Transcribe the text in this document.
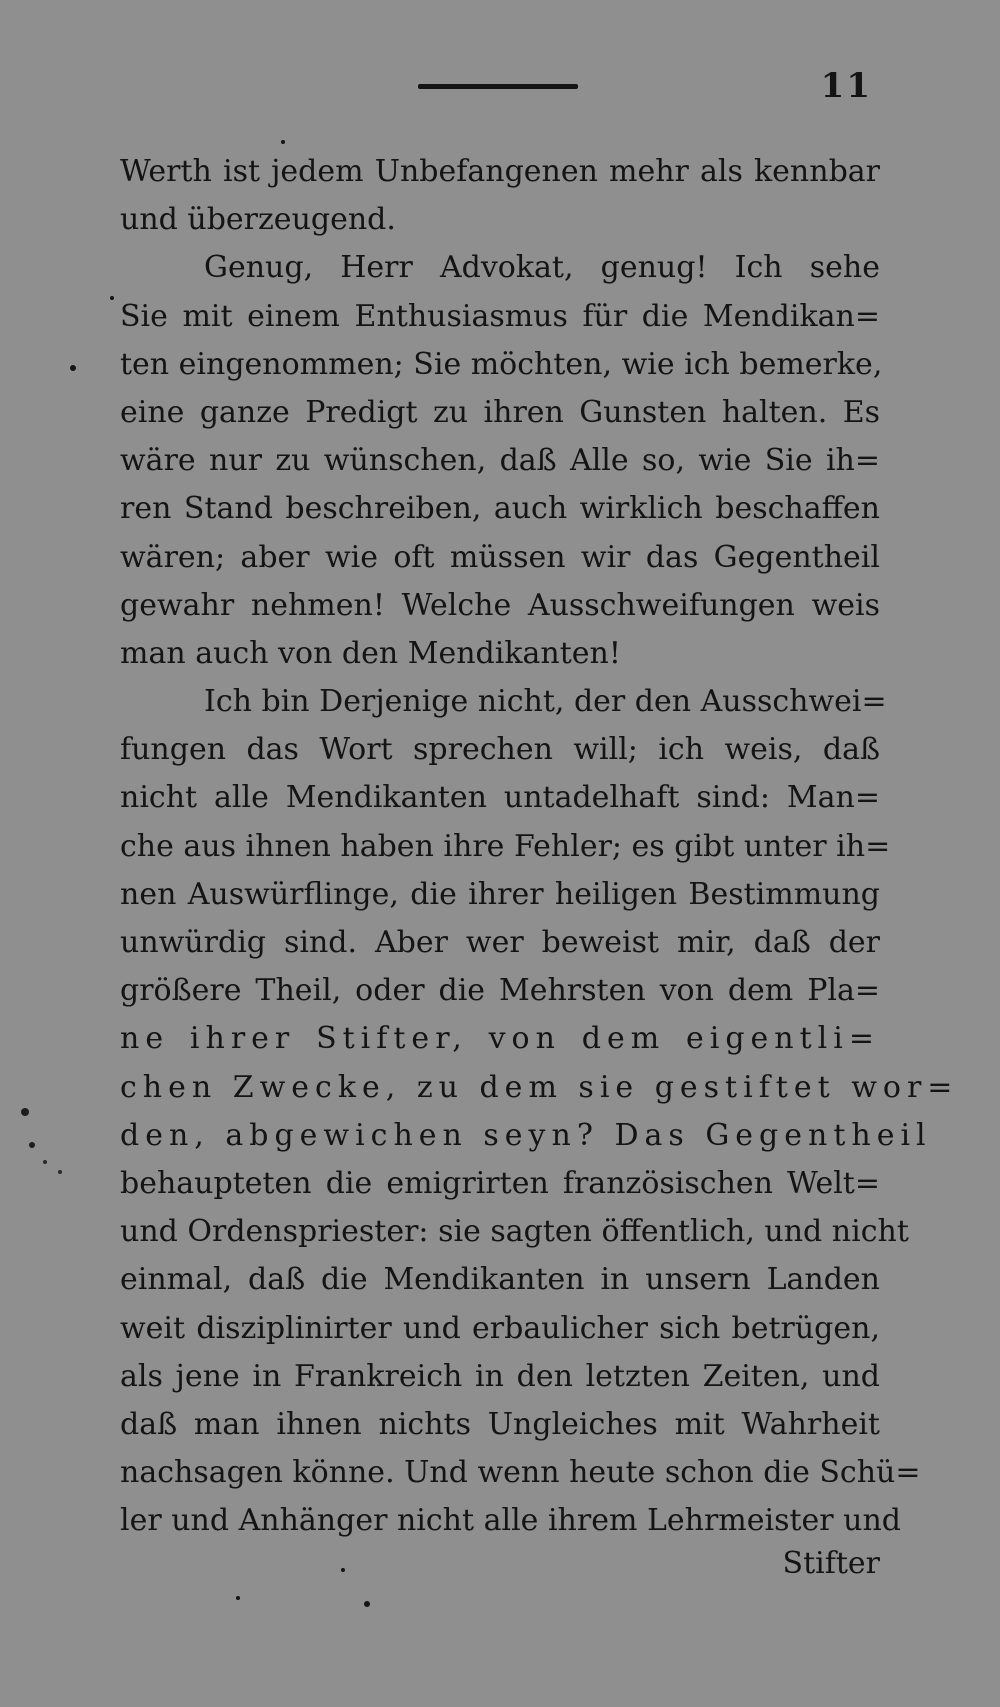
11
Werth ist jedem Unbefangenen mehr als kennbar
und überzeugend.
Genug, Herr Advokat, genug! Ich sehe
Sie mit einem Enthusiasmus für die Mendikan=
ten eingenommen; Sie möchten, wie ich bemerke,
eine ganze Predigt zu ihren Gunsten halten. Es
wäre nur zu wünschen, daß Alle so, wie Sie ih=
ren Stand beschreiben, auch wirklich beschaffen
wären; aber wie oft müssen wir das Gegentheil
gewahr nehmen! Welche Ausschweifungen weis
man auch von den Mendikanten!
Ich bin Derjenige nicht, der den Ausschwei=
fungen das Wort sprechen will; ich weis, daß
nicht alle Mendikanten untadelhaft sind: Man=
che aus ihnen haben ihre Fehler; es gibt unter ih=
nen Auswürflinge, die ihrer heiligen Bestimmung
unwürdig sind. Aber wer beweist mir, daß der
größere Theil, oder die Mehrsten von dem Pla=
ne ihrer Stifter, von dem eigentli=
chen Zwecke, zu dem sie gestiftet wor=
den, abgewichen seyn? Das Gegentheil
behaupteten die emigrirten französischen Welt=
und Ordenspriester: sie sagten öffentlich, und nicht
einmal, daß die Mendikanten in unsern Landen
weit disziplinirter und erbaulicher sich betrügen,
als jene in Frankreich in den letzten Zeiten, und
daß man ihnen nichts Ungleiches mit Wahrheit
nachsagen könne. Und wenn heute schon die Schü=
ler und Anhänger nicht alle ihrem Lehrmeister und
Stifter
